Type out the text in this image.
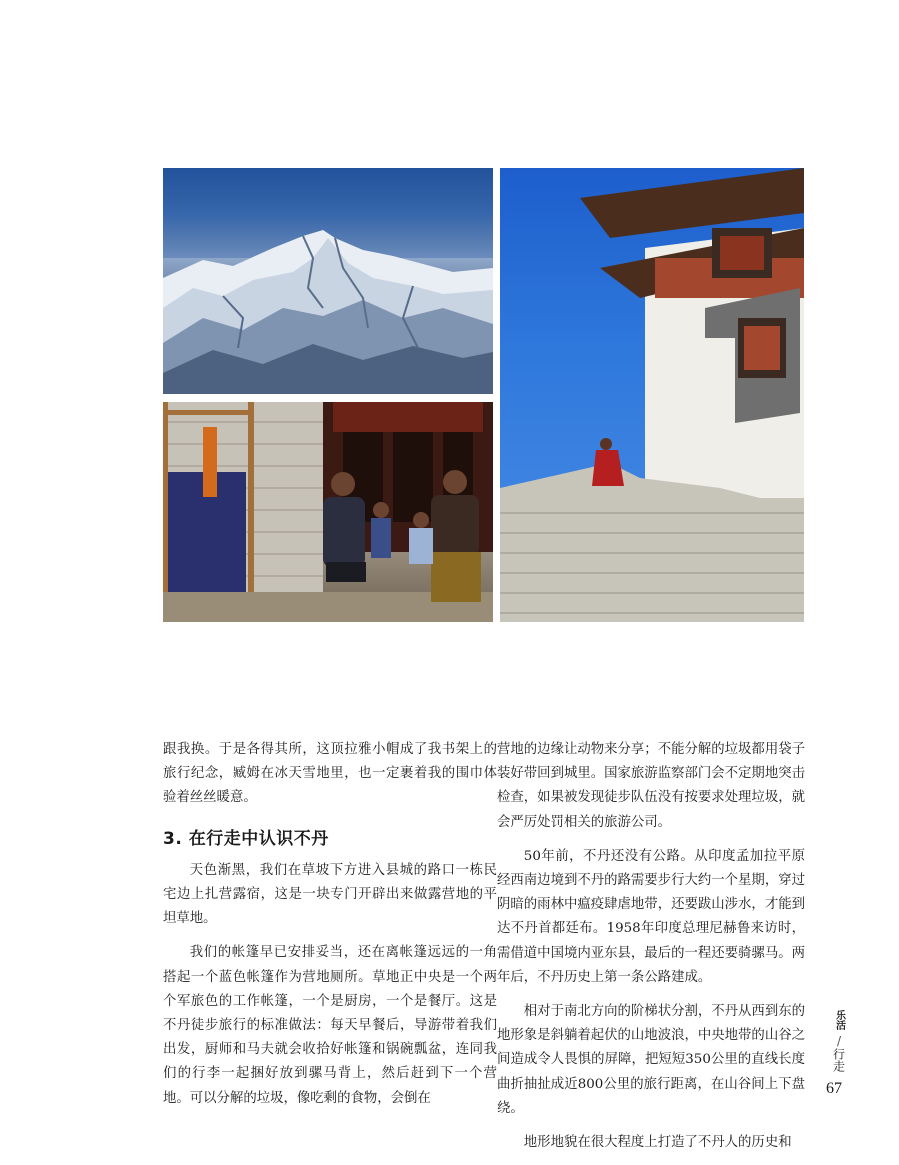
跟我换。于是各得其所，这顶拉雅小帽成了我书架上的旅行纪念，臧姆在冰天雪地里，也一定裹着我的围巾体验着丝丝暖意。

3. 在行走中认识不丹

天色渐黑，我们在草坡下方进入县城的路口一栋民宅边上扎营露宿，这是一块专门开辟出来做露营地的平坦草地。

我们的帐篷早已安排妥当，还在离帐篷远远的一角搭起一个蓝色帐篷作为营地厕所。草地正中央是一个两个军旅色的工作帐篷，一个是厨房，一个是餐厅。这是不丹徒步旅行的标准做法：每天早餐后，导游带着我们出发，厨师和马夫就会收拾好帐篷和锅碗瓢盆，连同我们的行李一起捆好放到骡马背上，然后赶到下一个营地。可以分解的垃圾，像吃剩的食物，会倒在

营地的边缘让动物来分享；不能分解的垃圾都用袋子装好带回到城里。国家旅游监察部门会不定期地突击检查，如果被发现徒步队伍没有按要求处理垃圾，就会严厉处罚相关的旅游公司。

50年前，不丹还没有公路。从印度孟加拉平原经西南边境到不丹的路需要步行大约一个星期，穿过阴暗的雨林中瘟疫肆虐地带，还要跋山涉水，才能到达不丹首都廷布。1958年印度总理尼赫鲁来访时，需借道中国境内亚东县，最后的一程还要骑骡马。两年后，不丹历史上第一条公路建成。

相对于南北方向的阶梯状分割，不丹从西到东的地形象是斜躺着起伏的山地波浪，中央地带的山谷之间造成令人畏惧的屏障，把短短350公里的直线长度曲折抽扯成近800公里的旅行距离，在山谷间上下盘绕。

地形地貌在很大程度上打造了不丹人的历史和

乐活
/
行走
67
